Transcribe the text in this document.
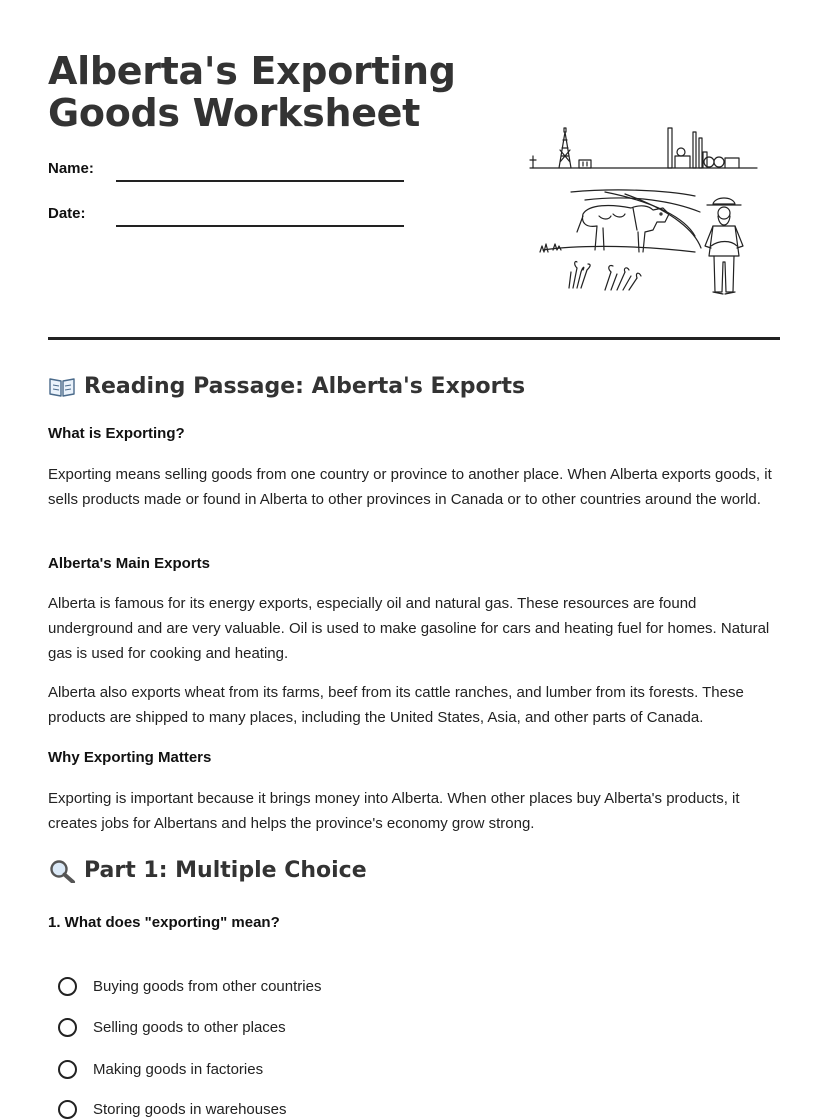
Alberta's Exporting
Goods Worksheet
Name:
Date:
Reading Passage: Alberta's Exports

What is Exporting?

Exporting means selling goods from one country or province to another place. When Alberta exports goods, it sells products made or found in Alberta to other provinces in Canada or to other countries around the world.

Alberta's Main Exports

Alberta is famous for its energy exports, especially oil and natural gas. These resources are found underground and are very valuable. Oil is used to make gasoline for cars and heating fuel for homes. Natural gas is used for cooking and heating.

Alberta also exports wheat from its farms, beef from its cattle ranches, and lumber from its forests. These products are shipped to many places, including the United States, Asia, and other parts of Canada.

Why Exporting Matters

Exporting is important because it brings money into Alberta. When other places buy Alberta's products, it creates jobs for Albertans and helps the province's economy grow strong.

Part 1: Multiple Choice

1. What does "exporting" mean?

Buying goods from other countries
Selling goods to other places
Making goods in factories
Storing goods in warehouses
